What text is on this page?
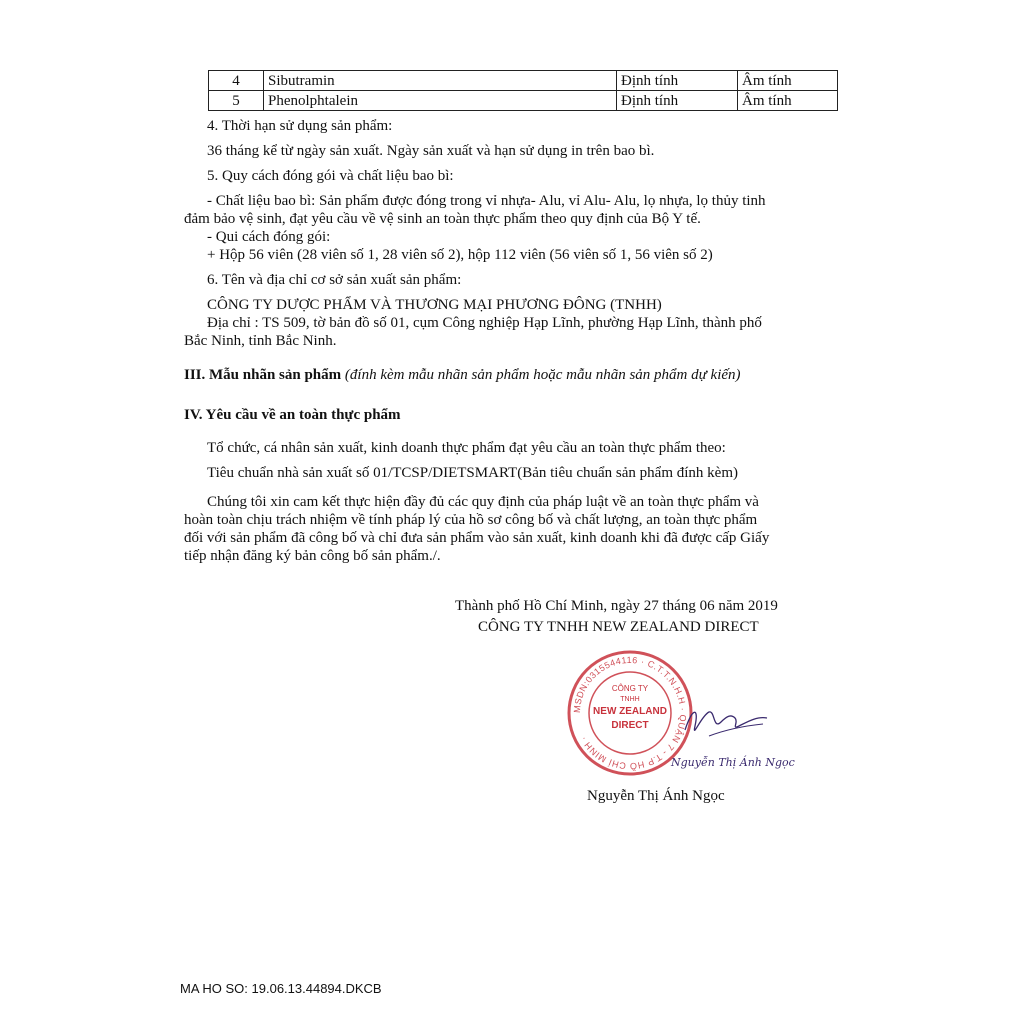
4	Sibutramin	Định tính	Âm tính
5	Phenolphtalein	Định tính	Âm tính
4. Thời hạn sử dụng sản phẩm:
36 tháng kể từ ngày sản xuất. Ngày sản xuất và hạn sử dụng in trên bao bì.
5. Quy cách đóng gói và chất liệu bao bì:
- Chất liệu bao bì: Sản phẩm được đóng trong vỉ nhựa- Alu, vỉ Alu- Alu, lọ nhựa, lọ thủy tinh
đảm bảo vệ sinh, đạt yêu cầu về vệ sinh an toàn thực phẩm theo quy định của Bộ Y tế.
- Qui cách đóng gói:
+ Hộp 56 viên (28 viên số 1, 28 viên số 2), hộp 112 viên (56 viên số 1, 56 viên số 2)
6. Tên và địa chỉ cơ sở sản xuất sản phẩm:
CÔNG TY DƯỢC PHẨM VÀ THƯƠNG MẠI PHƯƠNG ĐÔNG (TNHH)
Địa chỉ : TS 509, tờ bản đồ số 01, cụm Công nghiệp Hạp Lĩnh, phường Hạp Lĩnh, thành phố
Bắc Ninh, tỉnh Bắc Ninh.
III. Mẫu nhãn sản phẩm (đính kèm mẫu nhãn sản phẩm hoặc mẫu nhãn sản phẩm dự kiến)
IV. Yêu cầu về an toàn thực phẩm
Tổ chức, cá nhân sản xuất, kinh doanh thực phẩm đạt yêu cầu an toàn thực phẩm theo:
Tiêu chuẩn nhà sản xuất số 01/TCSP/DIETSMART(Bản tiêu chuẩn sản phẩm đính kèm)
Chúng tôi xin cam kết thực hiện đầy đủ các quy định của pháp luật về an toàn thực phẩm và
hoàn toàn chịu trách nhiệm về tính pháp lý của hồ sơ công bố và chất lượng, an toàn thực phẩm
đối với sản phẩm đã công bố và chỉ đưa sản phẩm vào sản xuất, kinh doanh khi đã được cấp Giấy
tiếp nhận đăng ký bản công bố sản phẩm./.
Thành phố Hồ Chí Minh, ngày 27 tháng 06 năm 2019
CÔNG TY TNHH NEW ZEALAND DIRECT
MSDN:0315544116 · C.T.T.N.H.H · QUẬN 7 - T.P HỒ CHÍ MINH ·
CÔNG TY
TNHH
NEW ZEALAND
DIRECT
Nguyễn Thị Ánh Ngọc
Nguyễn Thị Ánh Ngọc
MA HO SO: 19.06.13.44894.DKCB
